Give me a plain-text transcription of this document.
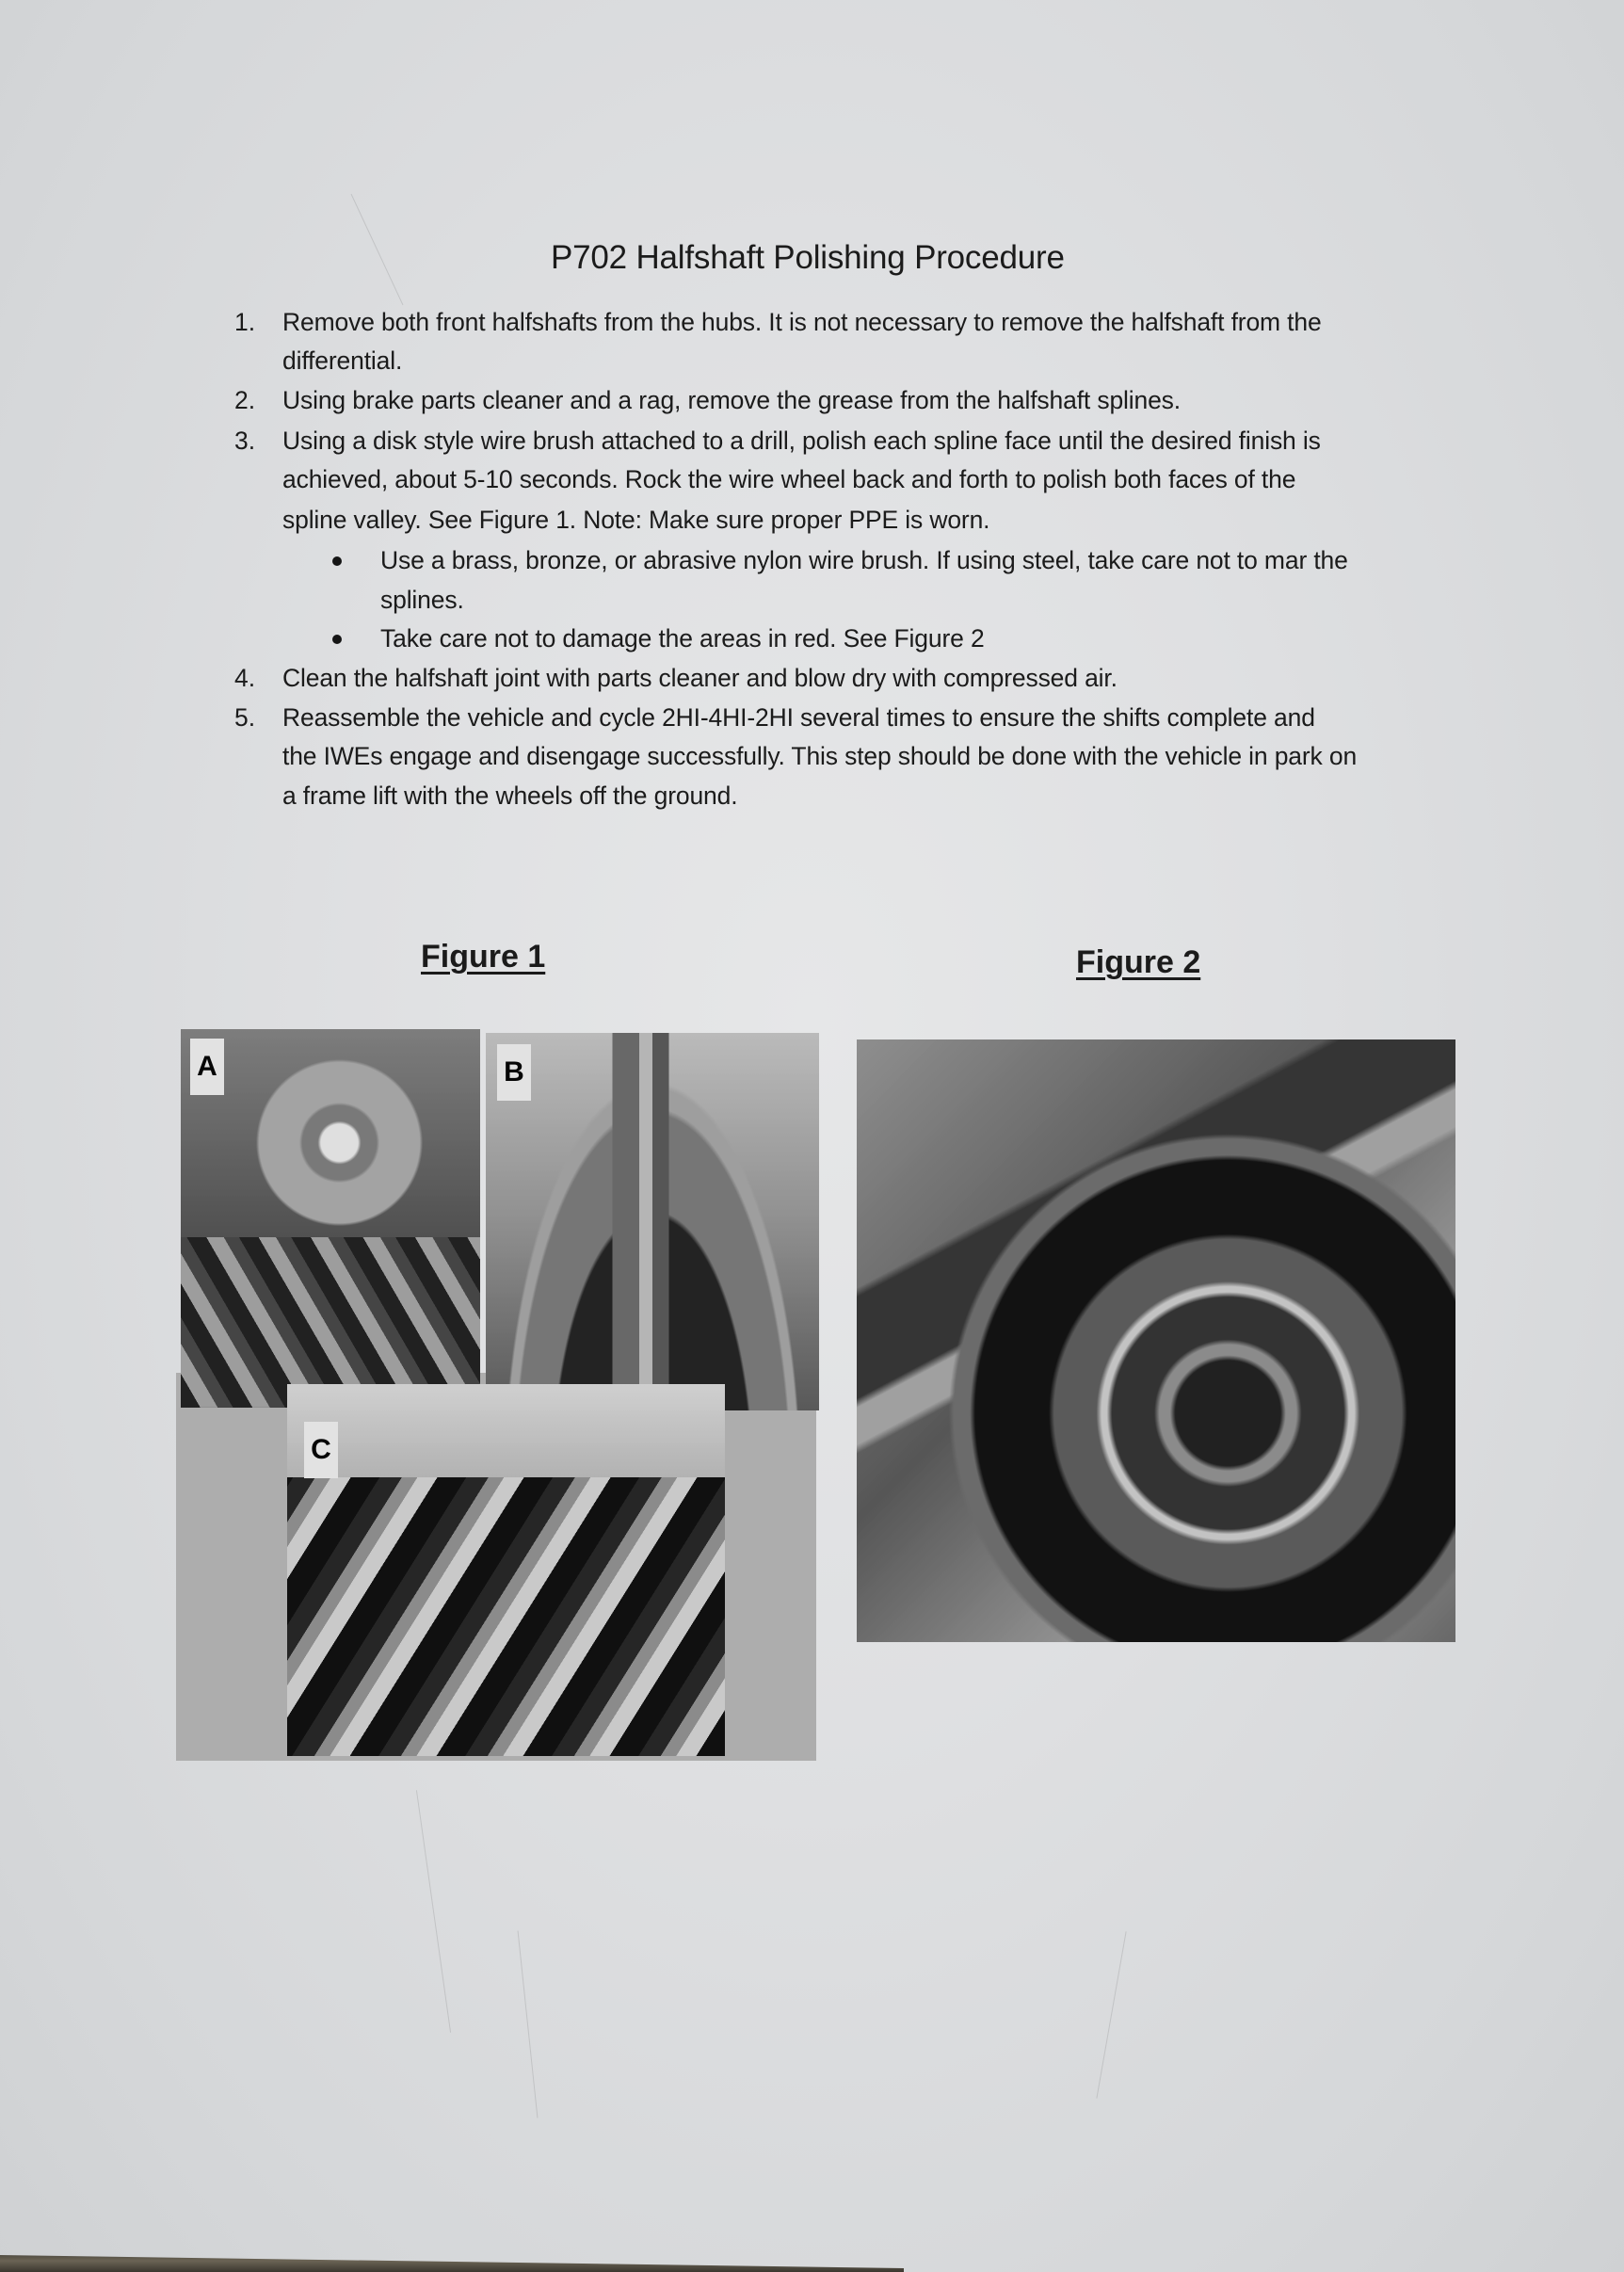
P702 Halfshaft Polishing Procedure
1. Remove both front halfshafts from the hubs. It is not necessary to remove the halfshaft from the
differential.
2. Using brake parts cleaner and a rag, remove the grease from the halfshaft splines.
3. Using a disk style wire brush attached to a drill, polish each spline face until the desired finish is
achieved, about 5-10 seconds. Rock the wire wheel back and forth to polish both faces of the
spline valley. See Figure 1. Note: Make sure proper PPE is worn.
Use a brass, bronze, or abrasive nylon wire brush. If using steel, take care not to mar the
splines.
Take care not to damage the areas in red. See Figure 2
4. Clean the halfshaft joint with parts cleaner and blow dry with compressed air.
5. Reassemble the vehicle and cycle 2HI-4HI-2HI several times to ensure the shifts complete and
the IWEs engage and disengage successfully. This step should be done with the vehicle in park on
a frame lift with the wheels off the ground.
Figure 1	Figure 2
A	B
C
